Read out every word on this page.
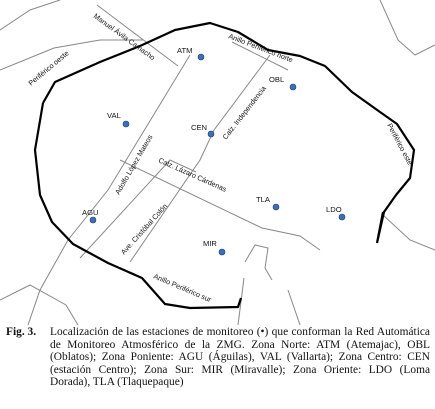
Manuel Ávila Camacho	Anillo Periférico norte
Periférico oeste
Calz. Independencia
Periférico este
Adolfo López Mateos Calz. Lázaro Cárdenas
Ave. Cristóbal Colón
Anillo Periférico sur
ATM
OBL
VAL
CEN
AGU
TLA
LDO
MIR
Fig. 3.	Localización de las estaciones de monitoreo (•) que conforman la Red Automática de Monitoreo Atmosférico de la ZMG. Zona Norte: ATM (Atemajac), OBL (Oblatos); Zona Poniente: AGU (Águilas), VAL (Vallarta); Zona Centro: CEN (estación Centro); Zona Sur: MIR (Miravalle); Zona Oriente: LDO (Loma Dorada), TLA (Tlaquepaque)
